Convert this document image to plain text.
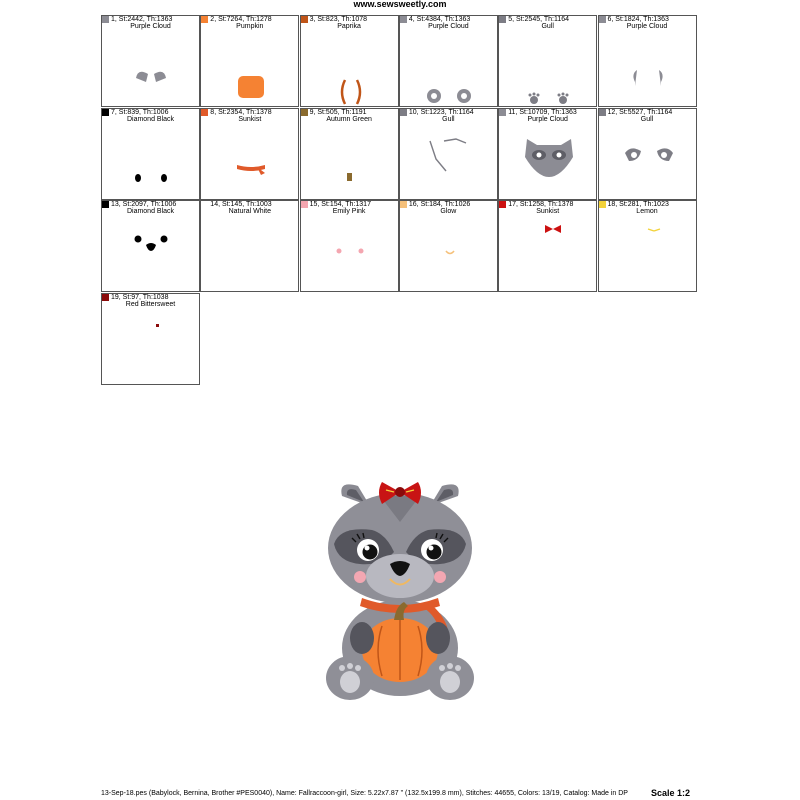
www.sewsweetly.com
1, St:2442, Th:1363
Purple Cloud
2, St:7264, Th:1278
Pumpkin
3, St:823, Th:1078
Paprika
4, St:4384, Th:1363
Purple Cloud
5, St:2545, Th:1164
Gull
6, St:1824, Th:1363
Purple Cloud
7, St:839, Th:1006
Diamond Black
8, St:2354, Th:1378
Sunkist
9, St:505, Th:1191
Autumn Green
10, St:1223, Th:1164
Gull
11, St:10709, Th:1363
Purple Cloud
12, St:5527, Th:1164
Gull
13, St:2097, Th:1006
Diamond Black
14, St:145, Th:1003
Natural White
15, St:154, Th:1317
Emily Pink
16, St:184, Th:1026
Glow
17, St:1258, Th:1378
Sunkist
18, St:281, Th:1023
Lemon
19, St:97, Th:1038
Red Bittersweet
13-Sep-18.pes (Babylock, Bernina, Brother #PES0040), Name: Fallraccoon-girl, Size: 5.22x7.87 " (132.5x199.8 mm), Stitches: 44655, Colors: 13/19, Catalog: Made in DP	Scale 1:2
